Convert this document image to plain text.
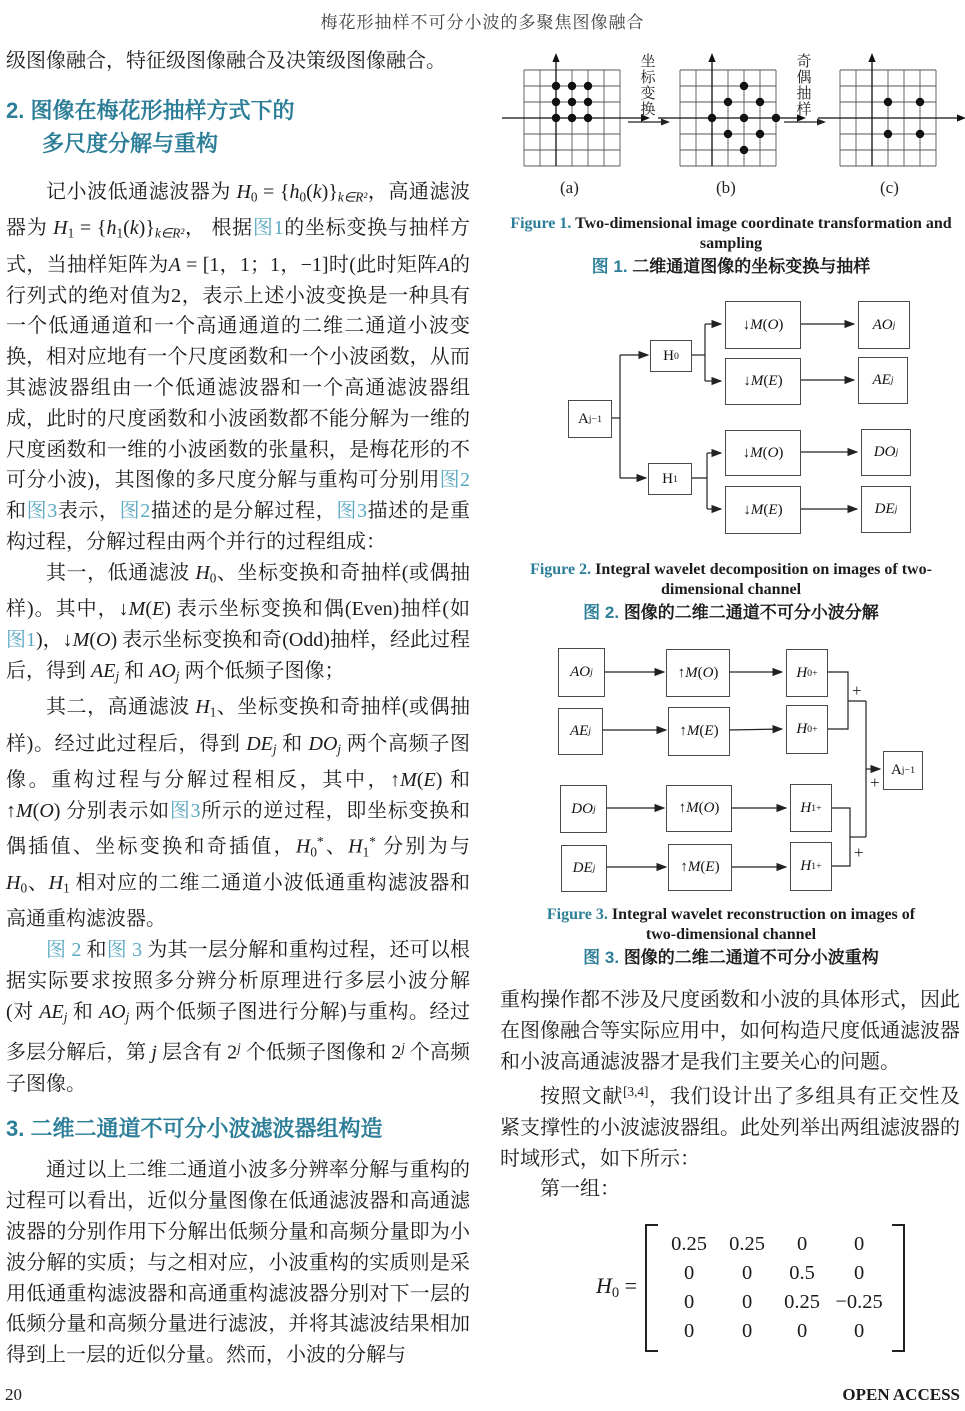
梅花形抽样不可分小波的多聚焦图像融合

级图像融合，特征级图像融合及决策级图像融合。

2. 图像在梅花形抽样方式下的

多尺度分解与重构

记小波低通滤波器为 H0 = {h0(k)}k∈R²，高通滤波器为 H1 = {h1(k)}k∈R²， 根据图1的坐标变换与抽样方式，当抽样矩阵为A = [1，1；1，−1]时(此时矩阵A的行列式的绝对值为2，表示上述小波变换是一种具有一个低通通道和一个高通通道的二维二通道小波变换，相对应地有一个尺度函数和一个小波函数，从而其滤波器组由一个低通滤波器和一个高通滤波器组成，此时的尺度函数和小波函数都不能分解为一维的尺度函数和一维的小波函数的张量积，是梅花形的不可分小波)，其图像的多尺度分解与重构可分别用图2和图3表示，图2描述的是分解过程，图3描述的是重构过程，分解过程由两个并行的过程组成：

其一，低通滤波 H0、坐标变换和奇抽样(或偶抽样)。其中，↓M(E) 表示坐标变换和偶(Even)抽样(如图1)，↓M(O) 表示坐标变换和奇(Odd)抽样，经此过程后，得到 AEj 和 AOj 两个低频子图像；

其二，高通滤波 H1、坐标变换和奇抽样(或偶抽样)。经过此过程后，得到 DEj 和 DOj 两个高频子图像。重构过程与分解过程相反，其中，↑M(E) 和 ↑M(O) 分别表示如图3所示的逆过程，即坐标变换和偶插值、坐标变换和奇插值，H0*、H1* 分别为与 H0、H1 相对应的二维二通道小波低通重构滤波器和高通重构滤波器。

图 2 和图 3 为其一层分解和重构过程，还可以根据实际要求按照多分辨分析原理进行多层小波分解(对 AEj 和 AOj 两个低频子图进行分解)与重构。经过多层分解后，第 j 层含有 2$^j$ 个低频子图像和 2$^j$ 个高频子图像。

3. 二维二通道不可分小波滤波器组构造

通过以上二维二通道小波多分辨率分解与重构的过程可以看出，近似分量图像在低通滤波器和高通滤波器的分别作用下分解出低频分量和高频分量即为小波分解的实质；与之相对应，小波重构的实质则是采用低通重构滤波器和高通重构滤波器分别对下一层的低频分量和高频分量进行滤波，并将其滤波结果相加得到上一层的近似分量。然而，小波的分解与

坐标变换
奇偶抽样
(a)	(b)	(c)
Figure 1. Two-dimensional image coordinate transformation and sampling
图 1. 二维通道图像的坐标变换与抽样
A j−1
H 0
H 1
↓ M ( O )
↓ M ( E )
↓ M ( O )
↓ M ( E )
AO j
AE j
DO j
DE j
Figure 2. Integral wavelet decomposition on images of two-dimensional channel
图 2. 图像的二维二通道不可分小波分解
AO j
AE j
DO j
DE j
↑ M ( O )
↑ M ( E )
↑ M ( O )
↑ M ( E )
H 0 +
H 0 +
H 1 +
H 1 +
A j−1
+
+
+
Figure 3. Integral wavelet reconstruction on images of two-dimensional channel
图 3. 图像的二维二通道不可分小波重构

重构操作都不涉及尺度函数和小波的具体形式，因此在图像融合等实际应用中，如何构造尺度低通滤波器和小波高通滤波器才是我们主要关心的问题。

按照文献[3,4]，我们设计出了多组具有正交性及紧支撑性的小波滤波器组。此处列举出两组滤波器的时域形式，如下所示：

第一组：

H0 =
0.25	0.25	0	0
0	0	0.5	0
0	0	0.25 −0.25
0	0	0	0
20	OPEN ACCESS
